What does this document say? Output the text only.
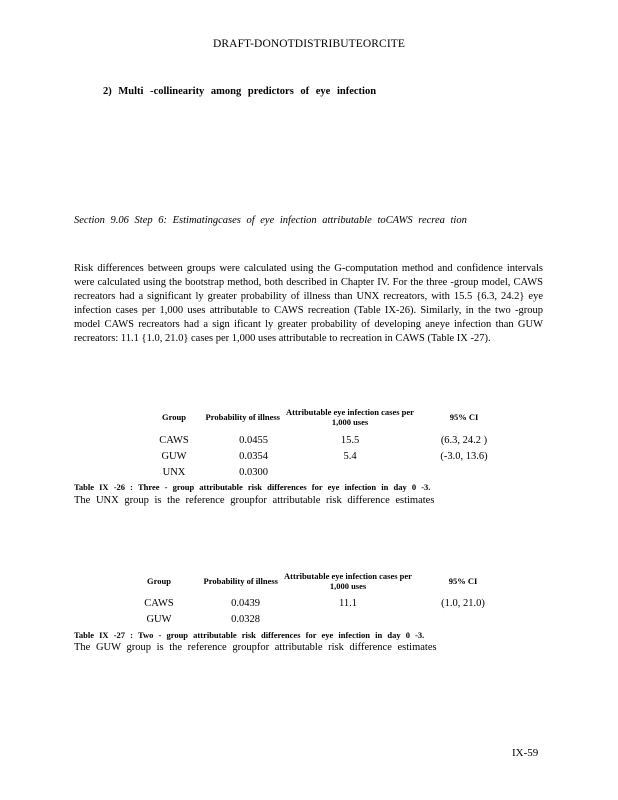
DRAFT-DONOTDISTRIBUTEORCITE
2) Multi -collinearity among predictors of eye infection
Section 9.06 Step 6: Estimatingcases of eye infection attributable toCAWS recrea tion
Risk differences between groups were calculated using the G-computation method and confidence intervals were calculated using the bootstrap method, both described in Chapter IV. For the three -group model, CAWS recreators had a significant ly greater probability of illness than UNX recreators, with 15.5 {6.3, 24.2} eye infection cases per 1,000 uses attributable to CAWS recreation (Table IX-26). Similarly, in the two -group model CAWS recreators had a sign ificant ly greater probability of developing aneye infection than GUW recreators: 11.1 {1.0, 21.0} cases per 1,000 uses attributable to recreation in CAWS (Table IX -27).
Group	Probability of illness	Attributable eye infection cases per 1,000 uses	95% CI
CAWS	0.0455	15.5	(6.3, 24.2 )
GUW	0.0354	5.4	(-3.0, 13.6)
UNX	0.0300		
Table IX -26 : Three - group attributable risk differences for eye infection in day 0 -3.
The UNX group is the reference groupfor attributable risk difference estimates
Group	Probability of illness	Attributable eye infection cases per 1,000 uses	95% CI
CAWS	0.0439	11.1	(1.0, 21.0)
GUW	0.0328		
Table IX -27 : Two - group attributable risk differences for eye infection in day 0 -3.
The GUW group is the reference groupfor attributable risk difference estimates
IX-59
